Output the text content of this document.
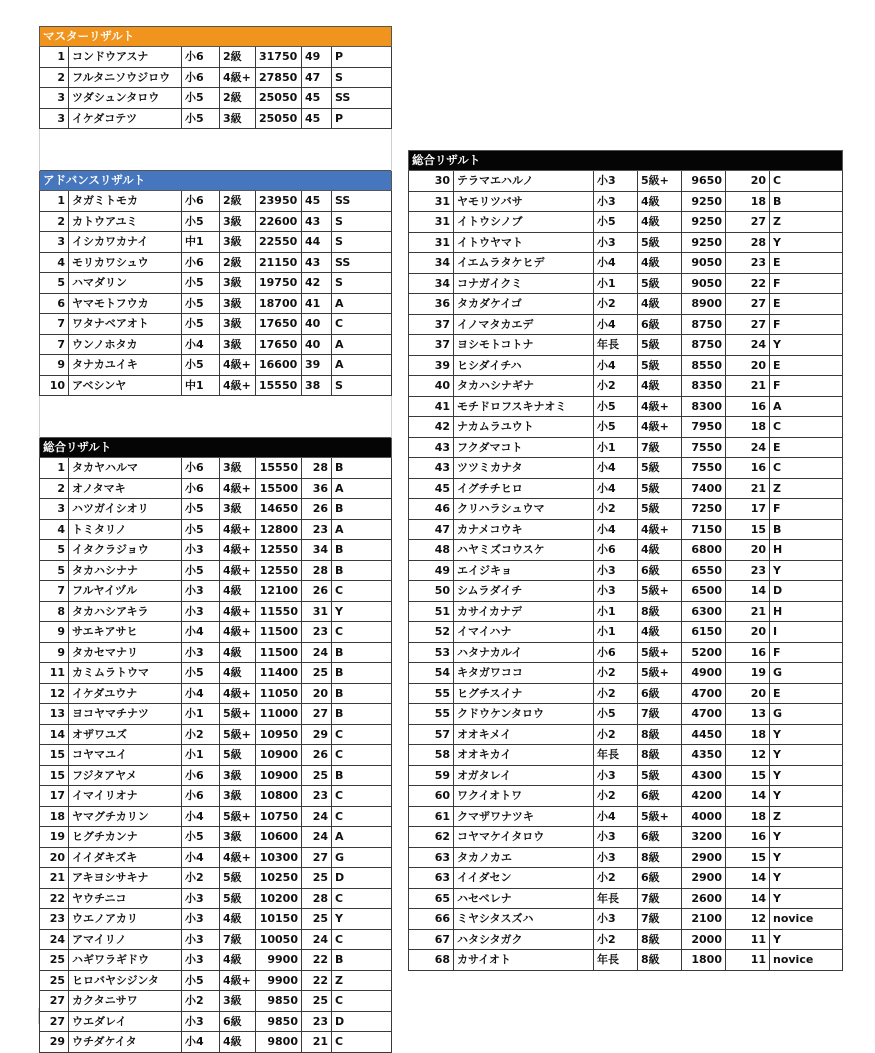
マスターリザルト						
1	コンドウアスナ	小6	2級	31750	49	P
2	フルタニソウジロウ	小6	4級+	27850	47	S
3	ツダシュンタロウ	小5	2級	25050	45	SS
3	イケダコテツ	小5	3級	25050	45	P

アドバンスリザルト						
1	タガミトモカ	小6	2級	23950	45	SS
2	カトウアユミ	小5	3級	22600	43	S
3	イシカワカナイ	中1	3級	22550	44	S
4	モリカワシュウ	小6	2級	21150	43	SS
5	ハマダリン	小5	3級	19750	42	S
6	ヤマモトフウカ	小5	3級	18700	41	A
7	ワタナベアオト	小5	3級	17650	40	C
7	ウンノホタカ	小4	3級	17650	40	A
9	タナカユイキ	小5	4級+	16600	39	A
10	アベシンヤ	中1	4級+	15550	38	S

総合リザルト						
1	タカヤハルマ	小6	3級	15550	28	B
2	オノタマキ	小6	4級+	15500	36	A
3	ハツガイシオリ	小5	3級	14650	26	B
4	トミタリノ	小5	4級+	12800	23	A
5	イタクラジョウ	小3	4級+	12550	34	B
5	タカハシナナ	小5	4級+	12550	28	B
7	フルヤイヅル	小3	4級	12100	26	C
8	タカハシアキラ	小3	4級+	11550	31	Y
9	サエキアサヒ	小4	4級+	11500	23	C
9	タカセマナリ	小3	4級	11500	24	B
11	カミムラトウマ	小5	4級	11400	25	B
12	イケダユウナ	小4	4級+	11050	20	B
13	ヨコヤマチナツ	小1	5級+	11000	27	B
14	オザワユズ	小2	5級+	10950	29	C
15	コヤマユイ	小1	5級	10900	26	C
15	フジタアヤメ	小6	3級	10900	25	B
17	イマイリオナ	小6	3級	10800	23	C
18	ヤマグチカリン	小4	5級+	10750	24	C
19	ヒグチカンナ	小5	3級	10600	24	A
20	イイダキズキ	小4	4級+	10300	27	G
21	アキヨシサキナ	小2	5級	10250	25	D
22	ヤウチニコ	小3	5級	10200	28	C
23	ウエノアカリ	小3	4級	10150	25	Y
24	アマイリノ	小3	7級	10050	24	C
25	ハギワラギドウ	小3	4級	9900	22	B
25	ヒロバヤシジンタ	小5	4級+	9900	22	Z
27	カクタニサワ	小2	3級	9850	25	C
27	ウエダレイ	小3	6級	9850	23	D
29	ウチダケイタ	小4	4級	9800	21	C
総合リザルト						
30	テラマエハルノ	小3	5級+	9650	20	C
31	ヤモリツバサ	小3	4級	9250	18	B
31	イトウシノブ	小5	4級	9250	27	Z
31	イトウヤマト	小3	5級	9250	28	Y
34	イエムラタケヒデ	小4	4級	9050	23	E
34	コナガイクミ	小1	5級	9050	22	F
36	タカダケイゴ	小2	4級	8900	27	E
37	イノマタカエデ	小4	6級	8750	27	F
37	ヨシモトコトナ	年長	5級	8750	24	Y
39	ヒシダイチハ	小4	5級	8550	20	E
40	タカハシナギナ	小2	4級	8350	21	F
41	モチドロフスキナオミ	小5	4級+	8300	16	A
42	ナカムラユウト	小5	4級+	7950	18	C
43	フクダマコト	小1	7級	7550	24	E
43	ツツミカナタ	小4	5級	7550	16	C
45	イグチチヒロ	小4	5級	7400	21	Z
46	クリハラシュウマ	小2	5級	7250	17	F
47	カナメコウキ	小4	4級+	7150	15	B
48	ハヤミズコウスケ	小6	4級	6800	20	H
49	エイジキョ	小3	6級	6550	23	Y
50	シムラダイチ	小3	5級+	6500	14	D
51	カサイカナデ	小1	8級	6300	21	H
52	イマイハナ	小1	4級	6150	20	I
53	ハタナカルイ	小6	5級+	5200	16	F
54	キタガワココ	小2	5級+	4900	19	G
55	ヒグチスイナ	小2	6級	4700	20	E
55	クドウケンタロウ	小5	7級	4700	13	G
57	オオキメイ	小2	8級	4450	18	Y
58	オオキカイ	年長	8級	4350	12	Y
59	オガタレイ	小3	5級	4300	15	Y
60	ワクイオトワ	小2	6級	4200	14	Y
61	クマザワナツキ	小4	5級+	4000	18	Z
62	コヤマケイタロウ	小3	6級	3200	16	Y
63	タカノカエ	小3	8級	2900	15	Y
63	イイダセン	小2	6級	2900	14	Y
65	ハセベレナ	年長	7級	2600	14	Y
66	ミヤシタスズハ	小3	7級	2100	12	novice
67	ハタシタガク	小2	8級	2000	11	Y
68	カサイオト	年長	8級	1800	11	novice
